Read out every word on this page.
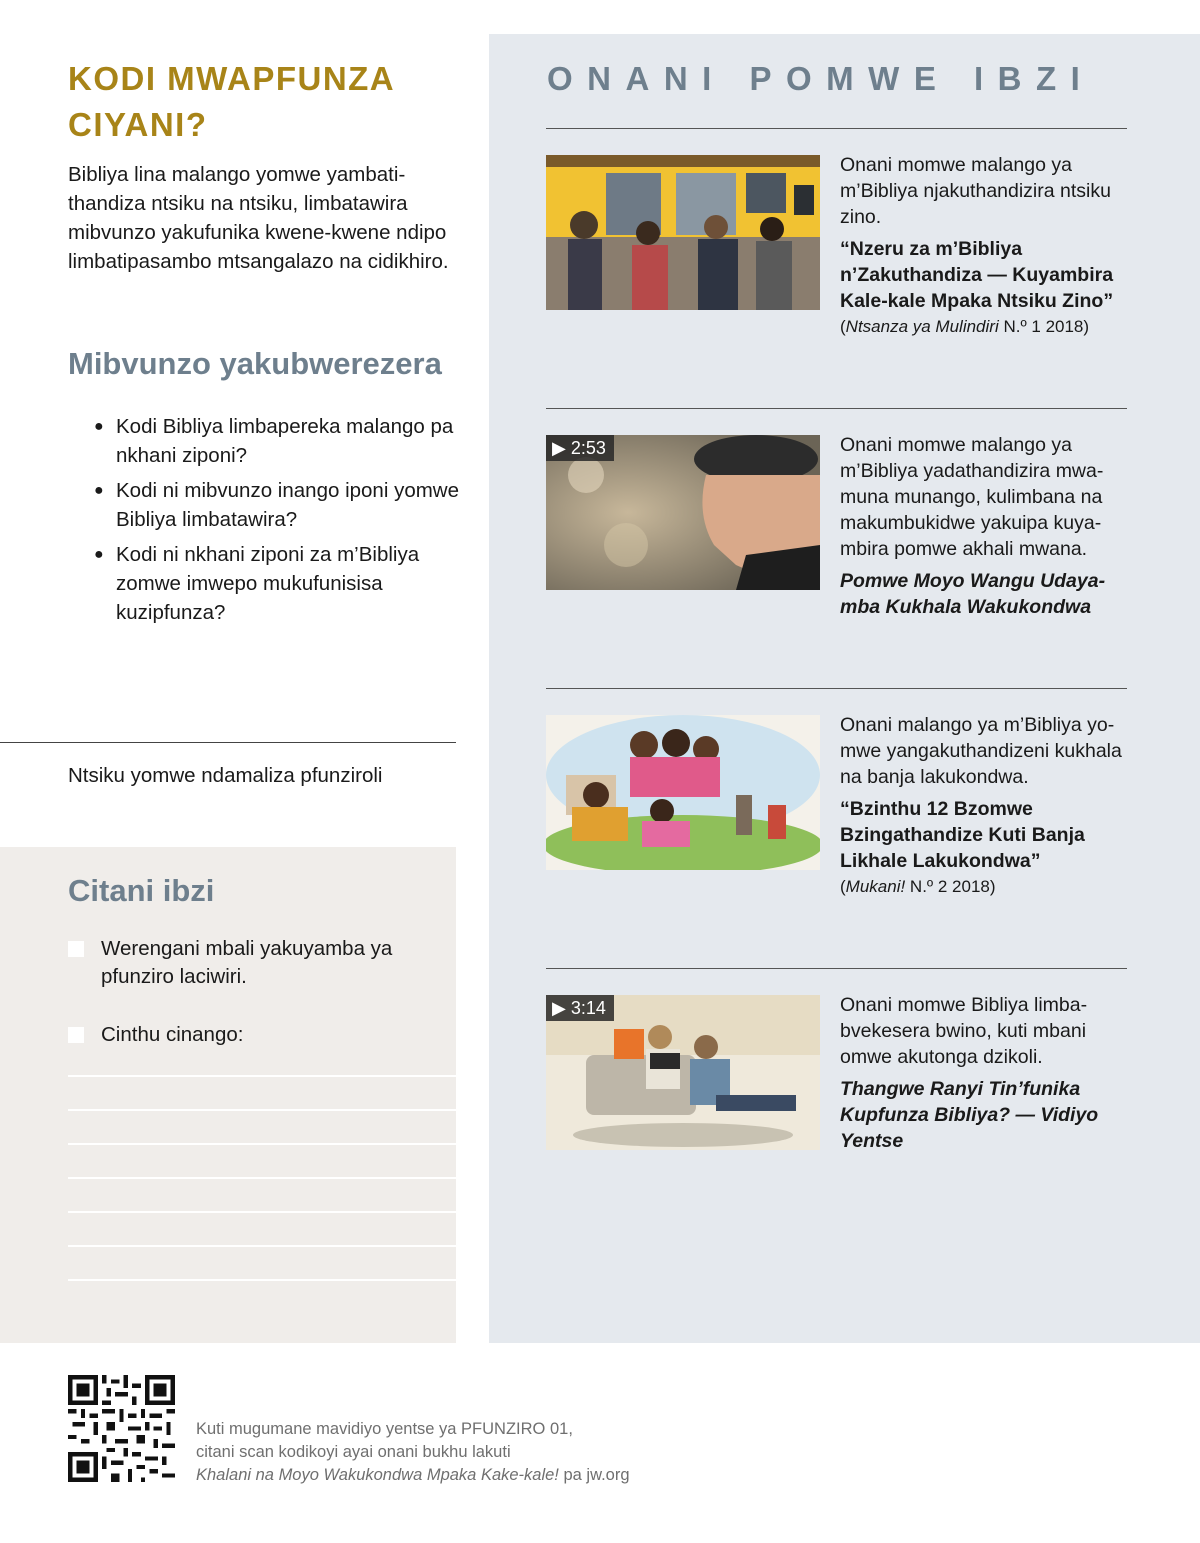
KODI MWAPFUNZA CIYANI?

Bibliya lina malango yomwe yambatithandiza ntsiku na ntsiku, limbatawira mibvunzo yakufunika kwene-kwene ndipo limbatipasambo mtsangalazo na cidikhiro.

Mibvunzo yakubwerezera
● Kodi Bibliya limbapereka malango pa nkhani ziponi?
● Kodi ni mibvunzo inango iponi yomwe Bibliya limbatawira?
● Kodi ni nkhani ziponi za m’Bibliya zomwe imwepo mukufunisisa kuzipfunza?
Ntsiku yomwe ndamaliza pfunziroli
Citani ibzi
Werengani mbali yakuyamba ya pfunziro laciwiri.
Cinthu cinango:
ONANI POMWE IBZI

Onani momwe malango ya m’Bibliya njakuthandizira ntsiku zino.

“Nzeru za m’Bibliya n’Zakuthandiza — Kuyambira Kale-kale Mpaka Ntsiku Zino”
(Ntsanza ya Mulindiri N.º 1 2018)
▶ 2:53	Onani momwe malango ya m’Bibliya yadathandizira mwamuna munango, kulimbana na makumbukidwe yakuipa kuyambira pomwe akhali mwana.

Pomwe Moyo Wangu Udayamba Kukhala Wakukondwa

Onani malango ya m’Bibliya yomwe yangakuthandizeni kukhala na banja lakukondwa.

“Bzinthu 12 Bzomwe Bzingathandize Kuti Banja Likhale Lakukondwa”
(Mukani! N.º 2 2018)
▶ 3:14	Onani momwe Bibliya limbabvekesera bwino, kuti mbani omwe akutonga dzikoli.

Thangwe Ranyi Tin’funika Kupfunza Bibliya? — Vidiyo Yentse
Kuti mugumane mavidiyo yentse ya PFUNZIRO 01,
citani scan kodikoyi ayai onani bukhu lakuti
Khalani na Moyo Wakukondwa Mpaka Kake-kale! pa jw.org
